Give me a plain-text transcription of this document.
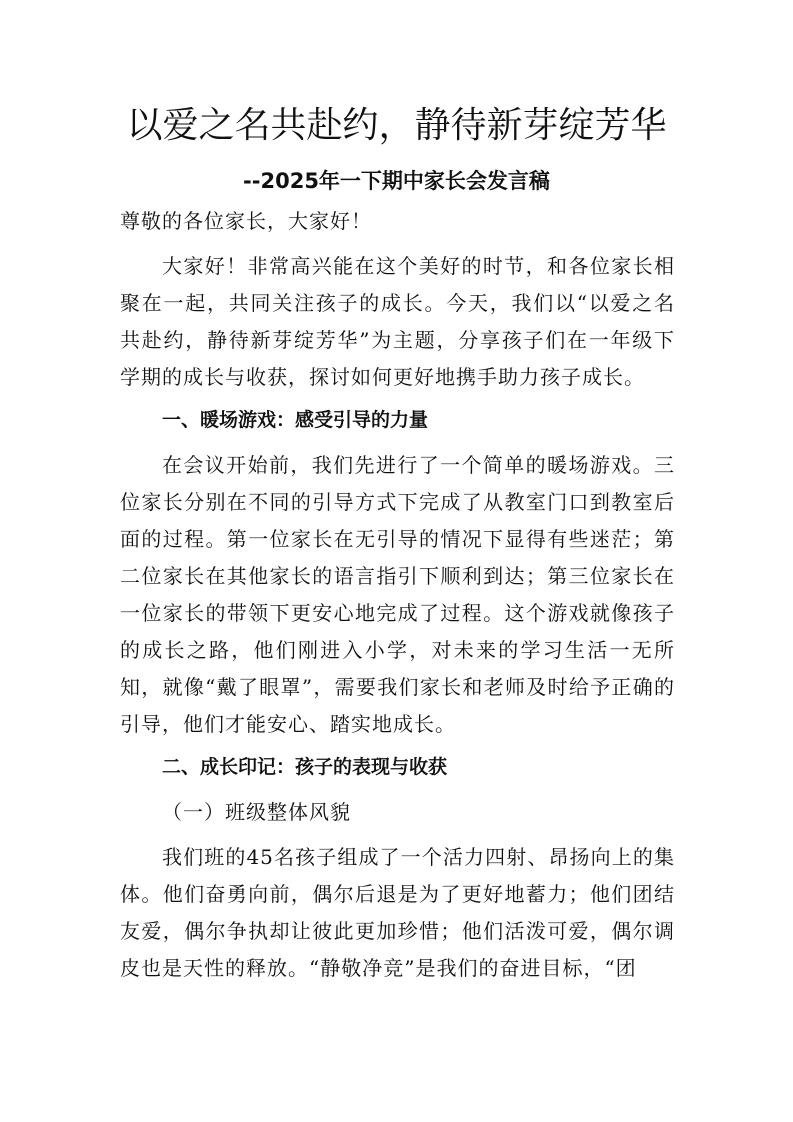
以爱之名共赴约，静待新芽绽芳华
--2025年一下期中家长会发言稿

尊敬的各位家长，大家好！

大家好！非常高兴能在这个美好的时节，和各位家长相聚在一起，共同关注孩子的成长。今天，我们以“以爱之名共赴约，静待新芽绽芳华”为主题，分享孩子们在一年级下学期的成长与收获，探讨如何更好地携手助力孩子成长。

一、暖场游戏：感受引导的力量

在会议开始前，我们先进行了一个简单的暖场游戏。三位家长分别在不同的引导方式下完成了从教室门口到教室后面的过程。第一位家长在无引导的情况下显得有些迷茫；第二位家长在其他家长的语言指引下顺利到达；第三位家长在一位家长的带领下更安心地完成了过程。这个游戏就像孩子的成长之路，他们刚进入小学，对未来的学习生活一无所知，就像“戴了眼罩”，需要我们家长和老师及时给予正确的引导，他们才能安心、踏实地成长。

二、成长印记：孩子的表现与收获

（一）班级整体风貌

我们班的45名孩子组成了一个活力四射、昂扬向上的集体。他们奋勇向前，偶尔后退是为了更好地蓄力；他们团结友爱，偶尔争执却让彼此更加珍惜；他们活泼可爱，偶尔调皮也是天性的释放。“静敬净竞”是我们的奋进目标，“团
